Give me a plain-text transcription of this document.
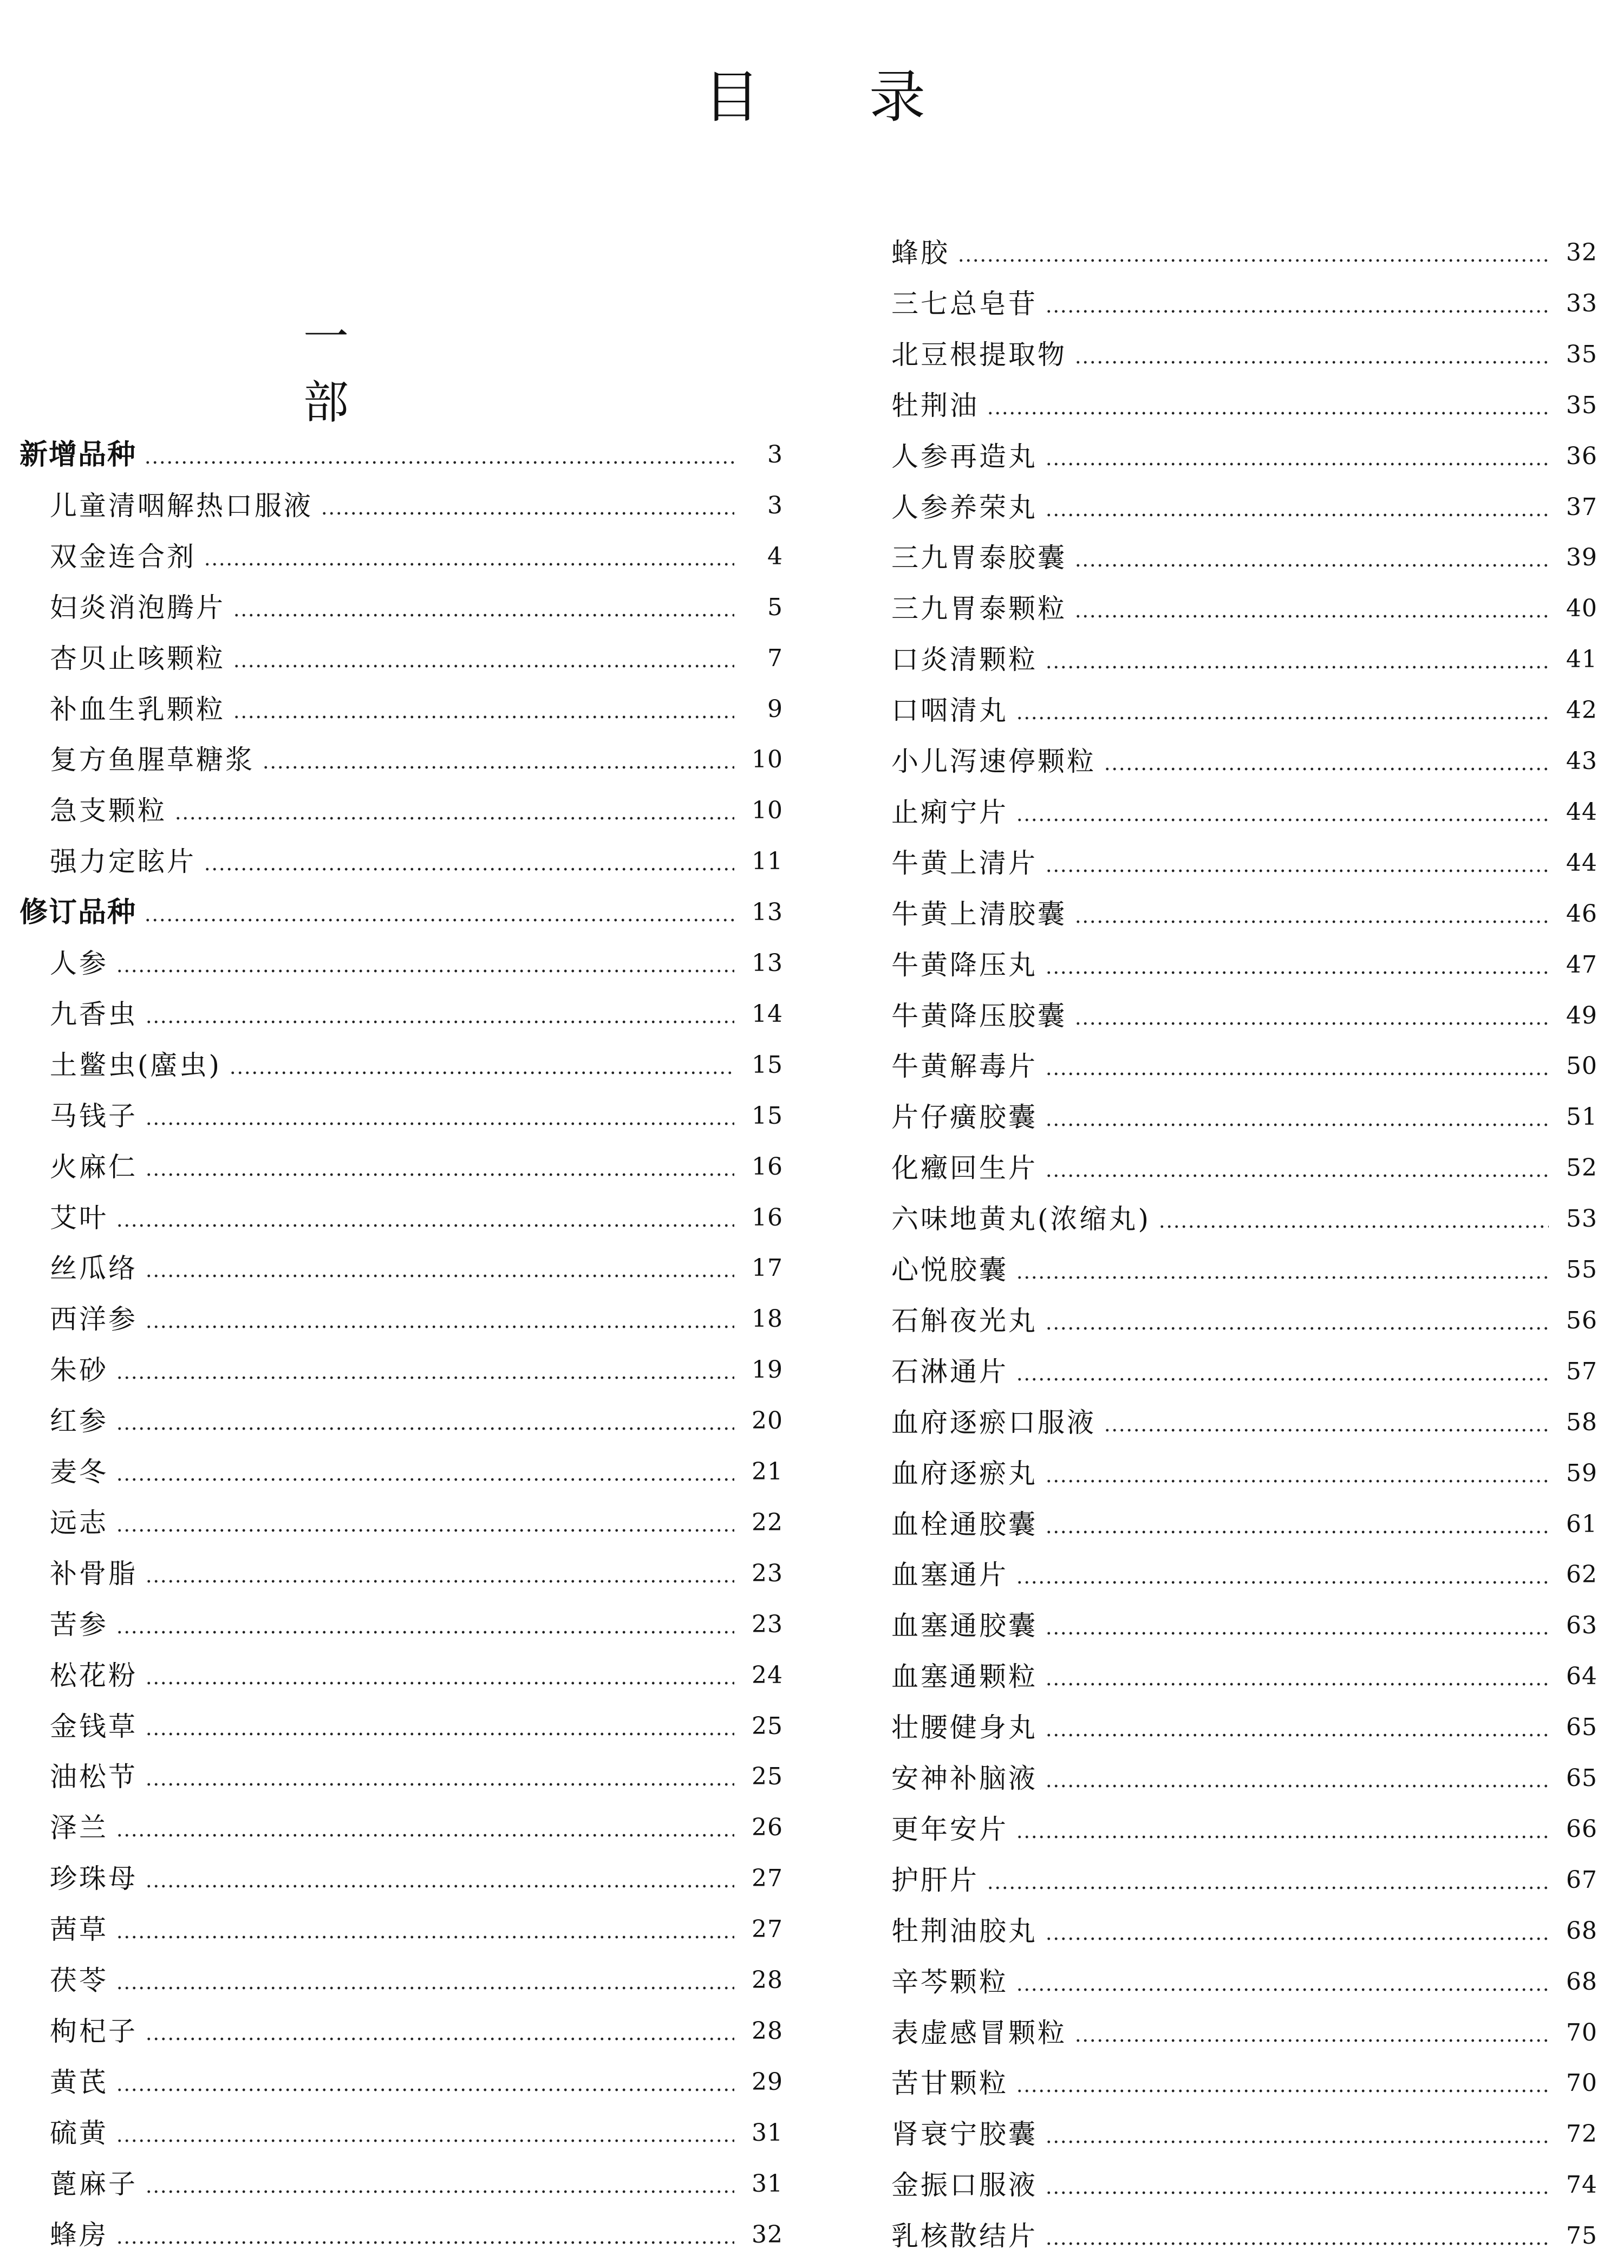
目 录
一部
新增品种	3
儿童清咽解热口服液	3
双金连合剂	4
妇炎消泡腾片	5
杏贝止咳颗粒	7
补血生乳颗粒	9
复方鱼腥草糖浆	10
急支颗粒	10
强力定眩片	11
修订品种	13
人参	13
九香虫	14
土鳖虫(䗪虫)	15
马钱子	15
火麻仁	16
艾叶	16
丝瓜络	17
西洋参	18
朱砂	19
红参	20
麦冬	21
远志	22
补骨脂	23
苦参	23
松花粉	24
金钱草	25
油松节	25
泽兰	26
珍珠母	27
茜草	27
茯苓	28
枸杞子	28
黄芪	29
硫黄	31
蓖麻子	31
蜂房	32
蜂胶	32
三七总皂苷	33
北豆根提取物	35
牡荆油	35
人参再造丸	36
人参养荣丸	37
三九胃泰胶囊	39
三九胃泰颗粒	40
口炎清颗粒	41
口咽清丸	42
小儿泻速停颗粒	43
止痢宁片	44
牛黄上清片	44
牛黄上清胶囊	46
牛黄降压丸	47
牛黄降压胶囊	49
牛黄解毒片	50
片仔癀胶囊	51
化癥回生片	52
六味地黄丸(浓缩丸)	53
心悦胶囊	55
石斛夜光丸	56
石淋通片	57
血府逐瘀口服液	58
血府逐瘀丸	59
血栓通胶囊	61
血塞通片	62
血塞通胶囊	63
血塞通颗粒	64
壮腰健身丸	65
安神补脑液	65
更年安片	66
护肝片	67
牡荆油胶丸	68
辛芩颗粒	68
表虚感冒颗粒	70
苦甘颗粒	70
肾衰宁胶囊	72
金振口服液	74
乳核散结片	75
